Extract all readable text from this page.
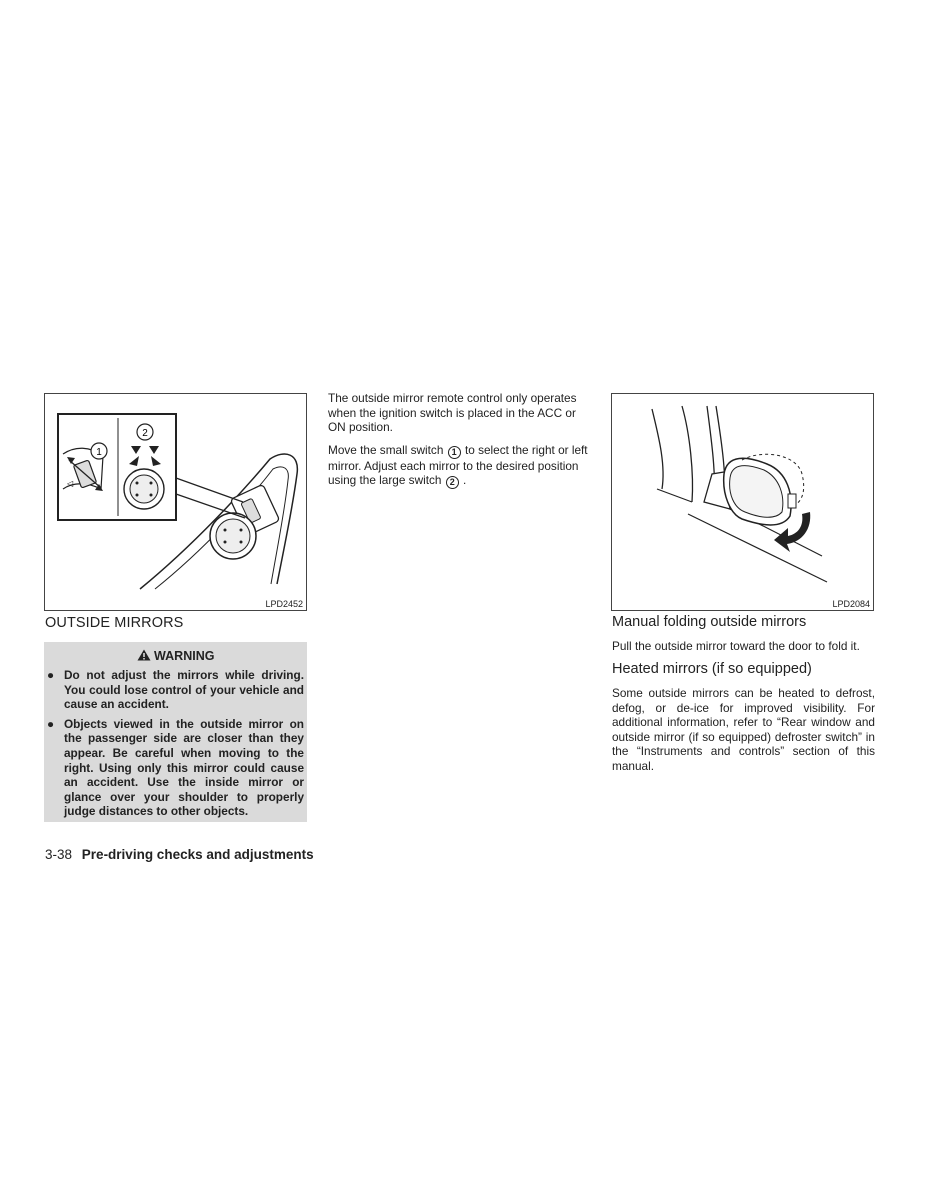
◁
1
2
LPD2452
OUTSIDE MIRRORS
WARNING
● Do not adjust the mirrors while driving. You could lose control of your vehicle and cause an accident.
● Objects viewed in the outside mirror on the passenger side are closer than they appear. Be careful when moving to the right. Using only this mirror could cause an accident. Use the inside mirror or glance over your shoulder to properly judge distances to other objects.
3-38 Pre-driving checks and adjustments

The outside mirror remote control only operates when the ignition switch is placed in the ACC or ON position.

Move the small switch 1 to select the right or left mirror. Adjust each mirror to the desired position using the large switch 2 .

LPD2084
Manual folding outside mirrors

Pull the outside mirror toward the door to fold it.

Heated mirrors (if so equipped)

Some outside mirrors can be heated to defrost, defog, or de-ice for improved visibility. For additional information, refer to “Rear window and outside mirror (if so equipped) defroster switch” in the “Instruments and controls” section of this manual.
